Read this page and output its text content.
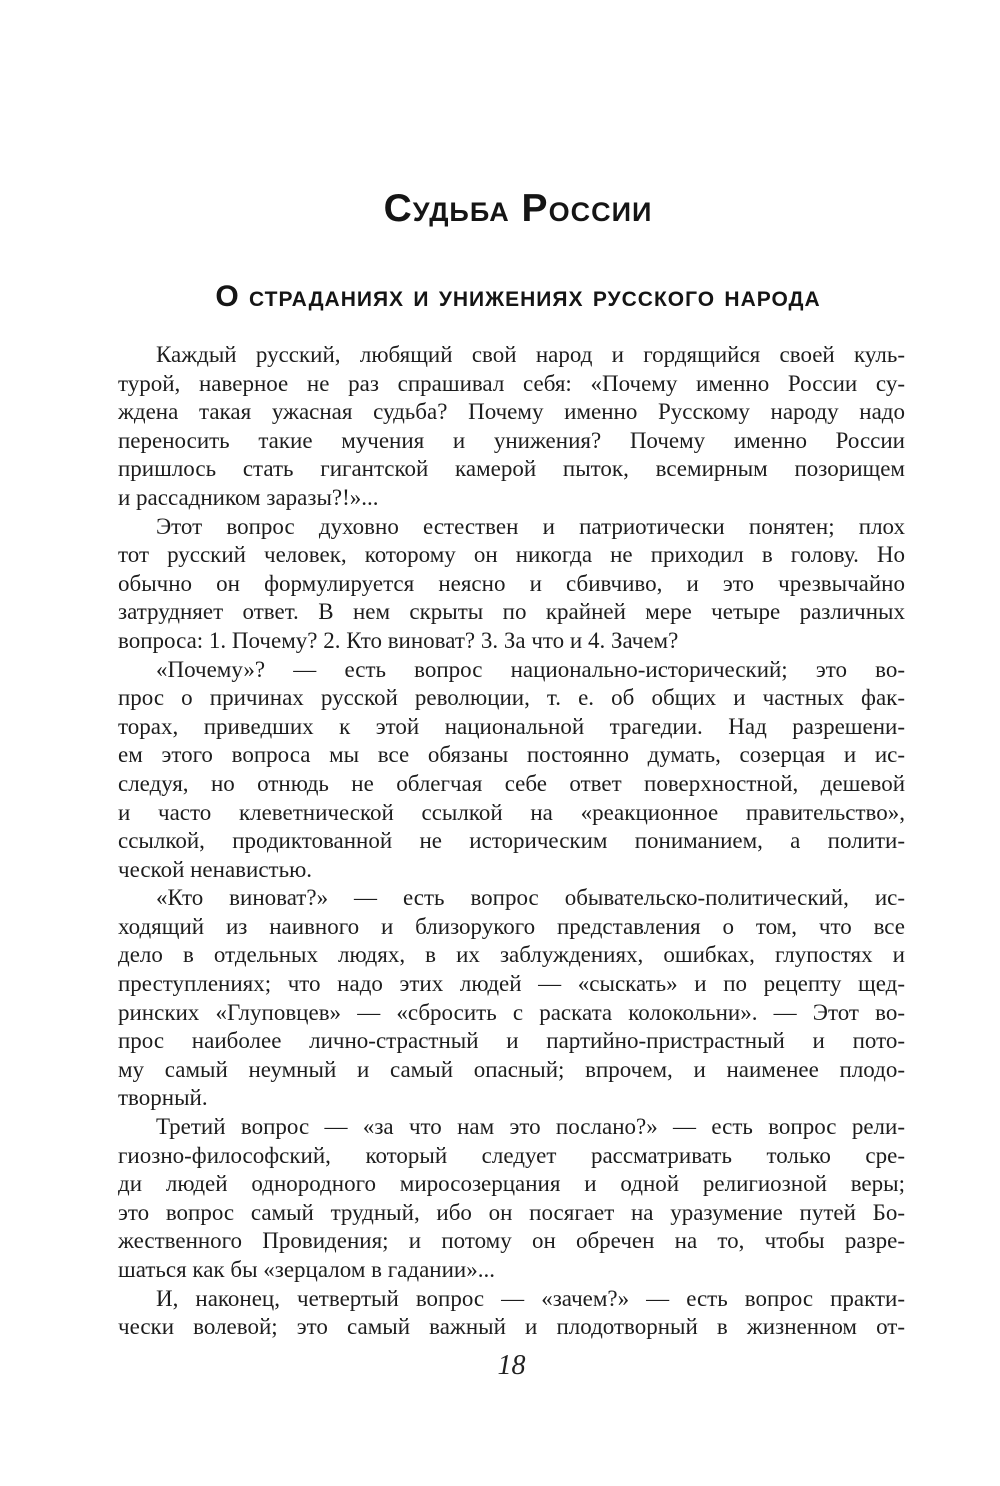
Судьба России
О страданиях и унижениях русского народа

Каждый русский, любящий свой народ и гордящийся своей куль-
турой, наверное не раз спрашивал себя: «Почему именно России су-
ждена такая ужасная судьба? Почему именно Русскому народу надо
переносить такие мучения и унижения? Почему именно России
пришлось стать гигантской камерой пыток, всемирным позорищем
и рассадником заразы?!»...

Этот вопрос духовно естествен и патриотически понятен; плох
тот русский человек, которому он никогда не приходил в голову. Но
обычно он формулируется неясно и сбивчиво, и это чрезвычайно
затрудняет ответ. В нем скрыты по крайней мере четыре различных
вопроса: 1. Почему? 2. Кто виноват? 3. За что и 4. Зачем?

«Почему»? — есть вопрос национально-исторический; это во-
прос о причинах русской революции, т. е. об общих и частных фак-
торах, приведших к этой национальной трагедии. Над разрешени-
ем этого вопроса мы все обязаны постоянно думать, созерцая и ис-
следуя, но отнюдь не облегчая себе ответ поверхностной, дешевой
и часто клеветнической ссылкой на «реакционное правительство»,
ссылкой, продиктованной не историческим пониманием, а полити-
ческой ненавистью.

«Кто виноват?» — есть вопрос обывательско-политический, ис-
ходящий из наивного и близорукого представления о том, что все
дело в отдельных людях, в их заблуждениях, ошибках, глупостях и
преступлениях; что надо этих людей — «сыскать» и по рецепту щед-
ринских «Глуповцев» — «сбросить с раската колокольни». — Этот во-
прос наиболее лично-страстный и партийно-пристрастный и пото-
му самый неумный и самый опасный; впрочем, и наименее плодо-
творный.

Третий вопрос — «за что нам это послано?» — есть вопрос рели-
гиозно-философский, который следует рассматривать только сре-
ди людей однородного миросозерцания и одной религиозной веры;
это вопрос самый трудный, ибо он посягает на уразумение путей Бо-
жественного Провидения; и потому он обречен на то, чтобы разре-
шаться как бы «зерцалом в гадании»...

И, наконец, четвертый вопрос — «зачем?» — есть вопрос практи-
чески волевой; это самый важный и плодотворный в жизненном от-

18
